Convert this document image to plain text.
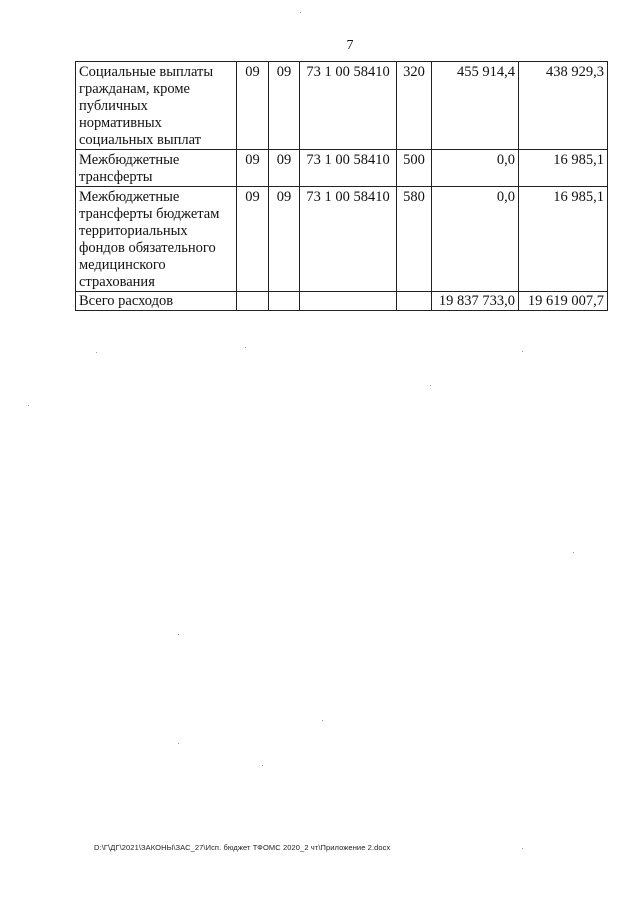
7
Социальные выплаты гражданам, кроме публичных нормативных социальных выплат	09	09	73 1 00 58410	320	455 914,4	438 929,3
Межбюджетные трансферты	09	09	73 1 00 58410	500	0,0	16 985,1
Межбюджетные трансферты бюджетам территориальных фондов обязательного медицинского страхования	09	09	73 1 00 58410	580	0,0	16 985,1
Всего расходов					19 837 733,0	19 619 007,7
D:\Г\ДГ\2021\ЗАКОНЫ\ЗАС_27\Исп. бюджет ТФОМС 2020_2 чт\Приложение 2.docx
